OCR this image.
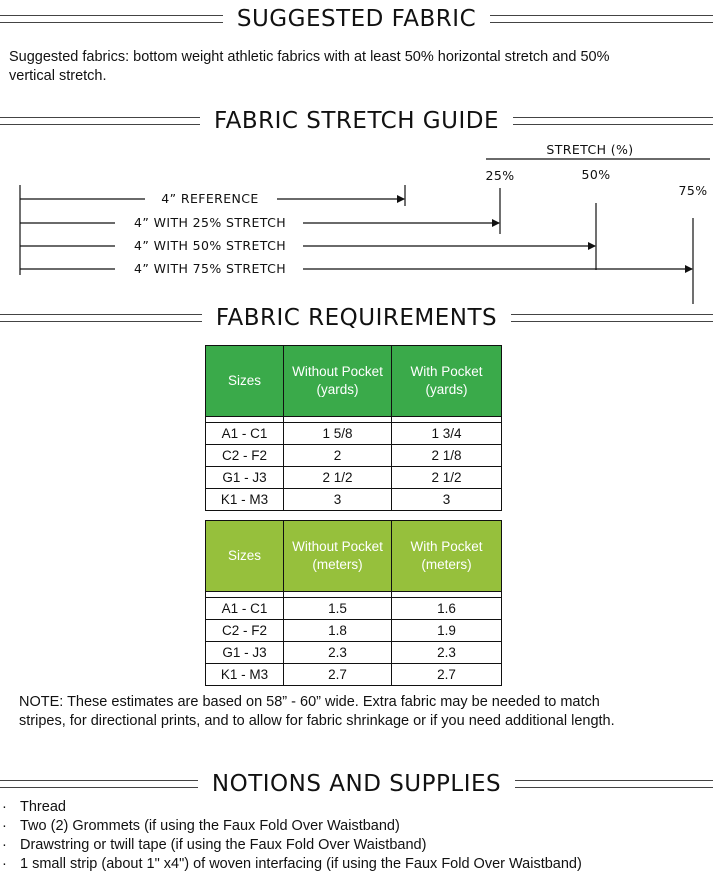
SUGGESTED FABRIC
Suggested fabrics: bottom weight athletic fabrics with at least 50% horizontal stretch and 50%
vertical stretch.
FABRIC STRETCH GUIDE
STRETCH (%)
25%	50%
75%
4” REFERENCE
4” WITH 25% STRETCH
4” WITH 50% STRETCH
4” WITH 75% STRETCH
FABRIC REQUIREMENTS
Sizes	Without Pocket (yards)	With Pocket (yards)

A1 - C1	1 5/8	1 3/4
C2 - F2	2	2 1/8
G1 - J3	2 1/2	2 1/2
K1 - M3	3	3
Sizes	Without Pocket (meters)	With Pocket (meters)

A1 - C1	1.5	1.6
C2 - F2	1.8	1.9
G1 - J3	2.3	2.3
K1 - M3	2.7	2.7
NOTE: These estimates are based on 58” - 60” wide. Extra fabric may be needed to match
stripes, for directional prints, and to allow for fabric shrinkage or if you need additional length.
NOTIONS AND SUPPLIES
· Thread
· Two (2) Grommets (if using the Faux Fold Over Waistband)
· Drawstring or twill tape (if using the Faux Fold Over Waistband)
· 1 small strip (about 1" x4") of woven interfacing (if using the Faux Fold Over Waistband)
